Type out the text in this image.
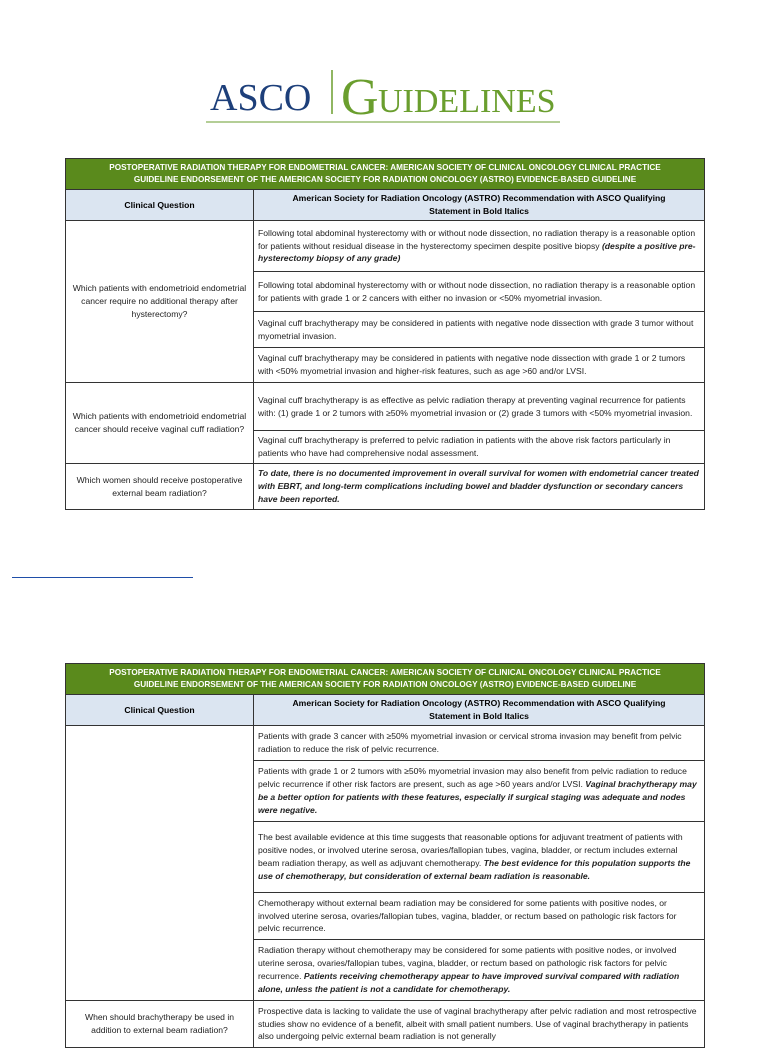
ASCO G UIDELINES
POSTOPERATIVE RADIATION THERAPY FOR ENDOMETRIAL CANCER: AMERICAN SOCIETY OF CLINICAL ONCOLOGY CLINICAL PRACTICE
GUIDELINE ENDORSEMENT OF THE AMERICAN SOCIETY FOR RADIATION ONCOLOGY (ASTRO) EVIDENCE-BASED GUIDELINE	

Clinical Question	American Society for Radiation Oncology (ASTRO) Recommendation with ASCO Qualifying
Statement in Bold Italics

Which patients with endometrioid endometrial cancer require no additional therapy after hysterectomy?	Following total abdominal hysterectomy with or without node dissection, no radiation therapy is a reasonable option for patients without residual disease in the hysterectomy specimen despite positive biopsy (despite a positive pre-hysterectomy biopsy of any grade)
	Following total abdominal hysterectomy with or without node dissection, no radiation therapy is a reasonable option for patients with grade 1 or 2 cancers with either no invasion or <50% myometrial invasion.
	Vaginal cuff brachytherapy may be considered in patients with negative node dissection with grade 3 tumor without myometrial invasion.
	Vaginal cuff brachytherapy may be considered in patients with negative node dissection with grade 1 or 2 tumors with <50% myometrial invasion and higher-risk features, such as age >60 and/or LVSI.
Which patients with endometrioid endometrial cancer should receive vaginal cuff radiation?	Vaginal cuff brachytherapy is as effective as pelvic radiation therapy at preventing vaginal recurrence for patients with: (1) grade 1 or 2 tumors with ≥50% myometrial invasion or (2) grade 3 tumors with <50% myometrial invasion.
	Vaginal cuff brachytherapy is preferred to pelvic radiation in patients with the above risk factors particularly in patients who have had comprehensive nodal assessment.
Which women should receive postoperative external beam radiation?	To date, there is no documented improvement in overall survival for women with endometrial cancer treated with EBRT, and long-term complications including bowel and bladder dysfunction or secondary cancers have been reported.
POSTOPERATIVE RADIATION THERAPY FOR ENDOMETRIAL CANCER: AMERICAN SOCIETY OF CLINICAL ONCOLOGY CLINICAL PRACTICE
GUIDELINE ENDORSEMENT OF THE AMERICAN SOCIETY FOR RADIATION ONCOLOGY (ASTRO) EVIDENCE-BASED GUIDELINE	

Clinical Question	American Society for Radiation Oncology (ASTRO) Recommendation with ASCO Qualifying
Statement in Bold Italics

	Patients with grade 3 cancer with ≥50% myometrial invasion or cervical stroma invasion may benefit from pelvic radiation to reduce the risk of pelvic recurrence.
	Patients with grade 1 or 2 tumors with ≥50% myometrial invasion may also benefit from pelvic radiation to reduce pelvic recurrence if other risk factors are present, such as age >60 years and/or LVSI. Vaginal brachytherapy may be a better option for patients with these features, especially if surgical staging was adequate and nodes were negative.
	The best available evidence at this time suggests that reasonable options for adjuvant treatment of patients with positive nodes, or involved uterine serosa, ovaries/fallopian tubes, vagina, bladder, or rectum includes external beam radiation therapy, as well as adjuvant chemotherapy. The best evidence for this population supports the use of chemotherapy, but consideration of external beam radiation is reasonable.
	Chemotherapy without external beam radiation may be considered for some patients with positive nodes, or involved uterine serosa, ovaries/fallopian tubes, vagina, bladder, or rectum based on pathologic risk factors for pelvic recurrence.
	Radiation therapy without chemotherapy may be considered for some patients with positive nodes, or involved uterine serosa, ovaries/fallopian tubes, vagina, bladder, or rectum based on pathologic risk factors for pelvic recurrence. Patients receiving chemotherapy appear to have improved survival compared with radiation alone, unless the patient is not a candidate for chemotherapy.
When should brachytherapy be used in addition to external beam radiation?	Prospective data is lacking to validate the use of vaginal brachytherapy after pelvic radiation and most retrospective studies show no evidence of a benefit, albeit with small patient numbers. Use of vaginal brachytherapy in patients also undergoing pelvic external beam radiation is not generally
